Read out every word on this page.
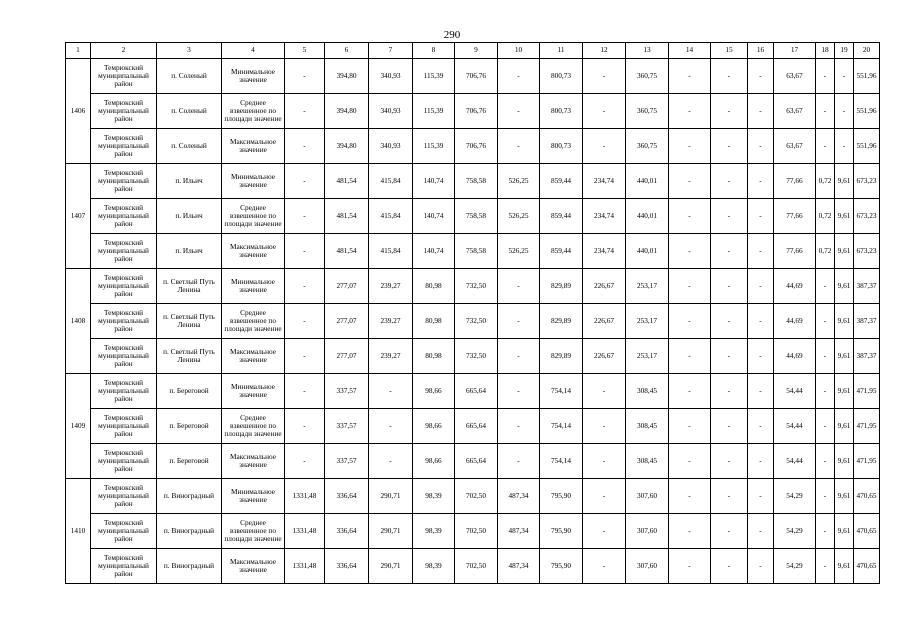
290
1	2	3	4	5	6	7	8	9	10	11	12	13	14	15	16	17	18	19	20
1406	Темрюкский муниципальный район	п. Соленый	Минимальное значение	-	394,80	340,93	115,39	706,76	-	800,73	-	360,75	-	-	-	63,67	-	-	551,96
	Темрюкский муниципальный район	п. Соленый	Среднее взвешенное по площади значение	-	394,80	340,93	115,39	706,76	-	800,73	-	360,75	-	-	-	63,67	-	-	551,96
	Темрюкский муниципальный район	п. Соленый	Максимальное значение	-	394,80	340,93	115,39	706,76	-	800,73	-	360,75	-	-	-	63,67	-	-	551,96
1407	Темрюкский муниципальный район	п. Ильич	Минимальное значение	-	481,54	415,84	140,74	758,58	526,25	859,44	234,74	440,01	-	-	-	77,66	0,72	9,61	673,23
	Темрюкский муниципальный район	п. Ильич	Среднее взвешенное по площади значение	-	481,54	415,84	140,74	758,58	526,25	859,44	234,74	440,01	-	-	-	77,66	0,72	9,61	673,23
	Темрюкский муниципальный район	п. Ильич	Максимальное значение	-	481,54	415,84	140,74	758,58	526,25	859,44	234,74	440,01	-	-	-	77,66	0,72	9,61	673,23
1408	Темрюкский муниципальный район	п. Светлый Путь Ленина	Минимальное значение	-	277,07	239,27	80,98	732,50	-	829,89	226,67	253,17	-	-	-	44,69	-	9,61	387,37
	Темрюкский муниципальный район	п. Светлый Путь Ленина	Среднее взвешенное по площади значение	-	277,07	239,27	80,98	732,50	-	829,89	226,67	253,17	-	-	-	44,69	-	9,61	387,37
	Темрюкский муниципальный район	п. Светлый Путь Ленина	Максимальное значение	-	277,07	239,27	80,98	732,50	-	829,89	226,67	253,17	-	-	-	44,69	-	9,61	387,37
1409	Темрюкский муниципальный район	п. Береговой	Минимальное значение	-	337,57	-	98,66	665,64	-	754,14	-	308,45	-	-	-	54,44	-	9,61	471,95
	Темрюкский муниципальный район	п. Береговой	Среднее взвешенное по площади значение	-	337,57	-	98,66	665,64	-	754,14	-	308,45	-	-	-	54,44	-	9,61	471,95
	Темрюкский муниципальный район	п. Береговой	Максимальное значение	-	337,57	-	98,66	665,64	-	754,14	-	308,45	-	-	-	54,44	-	9,61	471,95
1410	Темрюкский муниципальный район	п. Виноградный	Минимальное значение	1331,48	336,64	290,71	98,39	702,50	487,34	795,90	-	307,60	-	-	-	54,29	-	9,61	470,65
	Темрюкский муниципальный район	п. Виноградный	Среднее взвешенное по площади значение	1331,48	336,64	290,71	98,39	702,50	487,34	795,90	-	307,60	-	-	-	54,29	-	9,61	470,65
	Темрюкский муниципальный район	п. Виноградный	Максимальное значение	1331,48	336,64	290,71	98,39	702,50	487,34	795,90	-	307,60	-	-	-	54,29	-	9,61	470,65
